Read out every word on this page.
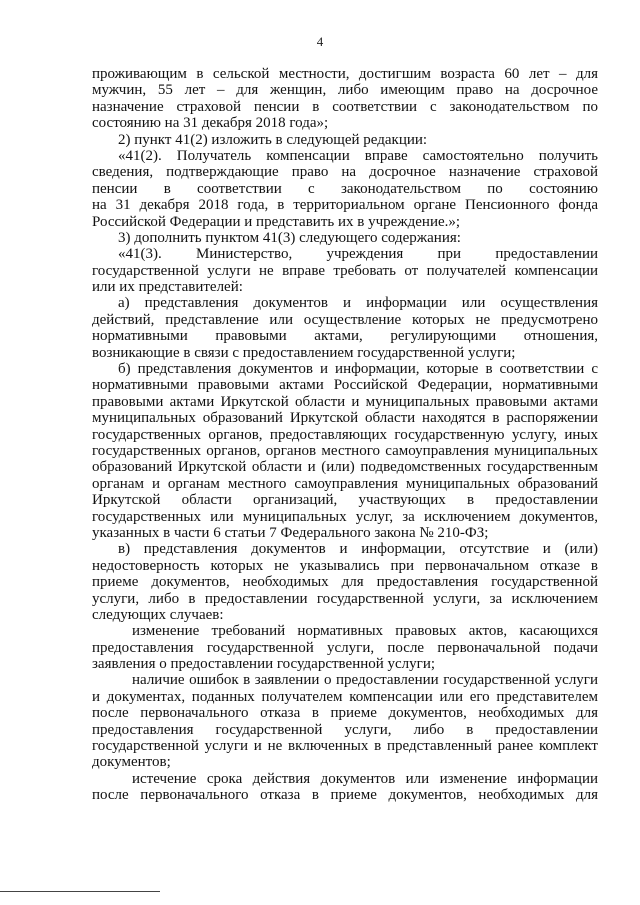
4
проживающим в сельской местности, достигшим возраста 60 лет – для
мужчин, 55 лет – для женщин, либо имеющим право на досрочное
назначение страховой пенсии в соответствии с законодательством по
состоянию на 31 декабря 2018 года»;
2) пункт 41(2) изложить в следующей редакции:
«41(2). Получатель компенсации вправе самостоятельно получить
сведения, подтверждающие право на досрочное назначение страховой
пенсии в соответствии с законодательством по состоянию
на 31 декабря 2018 года, в территориальном органе Пенсионного фонда
Российской Федерации и представить их в учреждение.»;
3) дополнить пунктом 41(3) следующего содержания:
«41(3). Министерство, учреждения при предоставлении
государственной услуги не вправе требовать от получателей компенсации
или их представителей:
а) представления документов и информации или осуществления
действий, представление или осуществление которых не предусмотрено
нормативными правовыми актами, регулирующими отношения,
возникающие в связи с предоставлением государственной услуги;
б) представления документов и информации, которые в соответствии с
нормативными правовыми актами Российской Федерации, нормативными
правовыми актами Иркутской области и муниципальных правовыми актами
муниципальных образований Иркутской области находятся в распоряжении
государственных органов, предоставляющих государственную услугу, иных
государственных органов, органов местного самоуправления муниципальных
образований Иркутской области и (или) подведомственных государственным
органам и органам местного самоуправления муниципальных образований
Иркутской области организаций, участвующих в предоставлении
государственных или муниципальных услуг, за исключением документов,
указанных в части 6 статьи 7 Федерального закона № 210-ФЗ;
в) представления документов и информации, отсутствие и (или)
недостоверность которых не указывались при первоначальном отказе в
приеме документов, необходимых для предоставления государственной
услуги, либо в предоставлении государственной услуги, за исключением
следующих случаев:
изменение требований нормативных правовых актов, касающихся
предоставления государственной услуги, после первоначальной подачи
заявления о предоставлении государственной услуги;
наличие ошибок в заявлении о предоставлении государственной услуги
и документах, поданных получателем компенсации или его представителем
после первоначального отказа в приеме документов, необходимых для
предоставления государственной услуги, либо в предоставлении
государственной услуги и не включенных в представленный ранее комплект
документов;
истечение срока действия документов или изменение информации
после первоначального отказа в приеме документов, необходимых для
